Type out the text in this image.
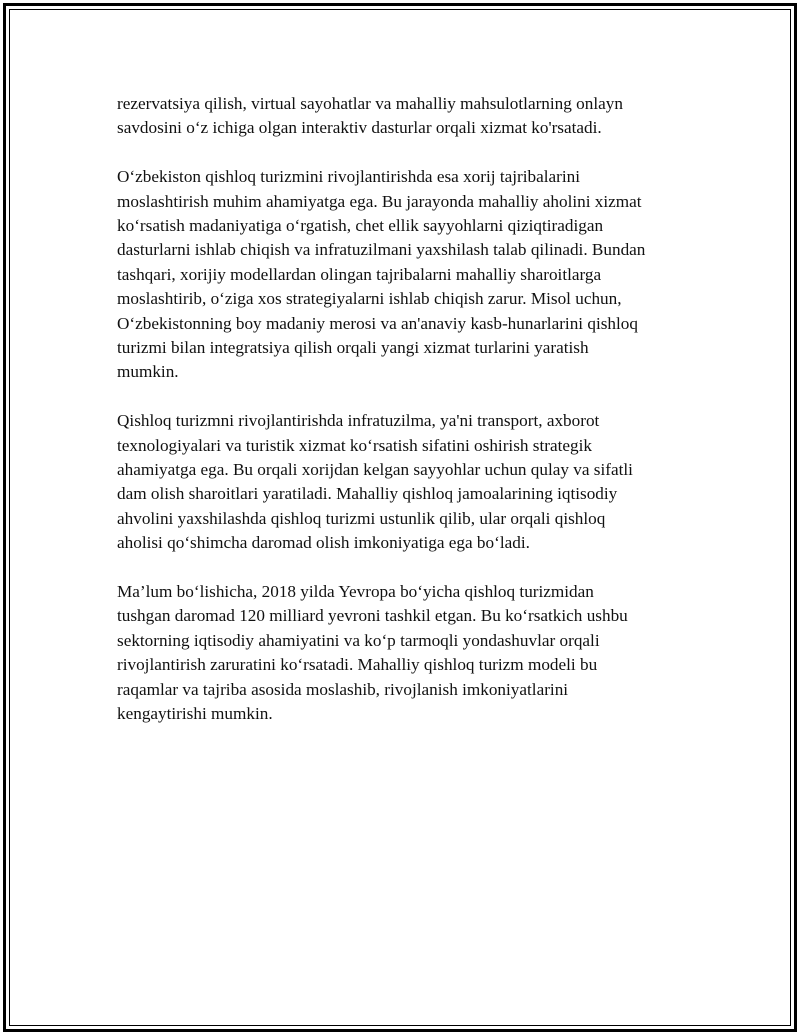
rezervatsiya qilish, virtual sayohatlar va mahalliy mahsulotlarning onlayn
savdosini o‘z ichiga olgan interaktiv dasturlar orqali xizmat ko'rsatadi.

O‘zbekiston qishloq turizmini rivojlantirishda esa xorij tajribalarini
moslashtirish muhim ahamiyatga ega. Bu jarayonda mahalliy aholini xizmat
ko‘rsatish madaniyatiga o‘rgatish, chet ellik sayyohlarni qiziqtiradigan
dasturlarni ishlab chiqish va infratuzilmani yaxshilash talab qilinadi. Bundan
tashqari, xorijiy modellardan olingan tajribalarni mahalliy sharoitlarga
moslashtirib, o‘ziga xos strategiyalarni ishlab chiqish zarur. Misol uchun,
O‘zbekistonning boy madaniy merosi va an'anaviy kasb-hunarlarini qishloq
turizmi bilan integratsiya qilish orqali yangi xizmat turlarini yaratish
mumkin.

Qishloq turizmni rivojlantirishda infratuzilma, ya'ni transport, axborot
texnologiyalari va turistik xizmat ko‘rsatish sifatini oshirish strategik
ahamiyatga ega. Bu orqali xorijdan kelgan sayyohlar uchun qulay va sifatli
dam olish sharoitlari yaratiladi. Mahalliy qishloq jamoalarining iqtisodiy
ahvolini yaxshilashda qishloq turizmi ustunlik qilib, ular orqali qishloq
aholisi qo‘shimcha daromad olish imkoniyatiga ega bo‘ladi.

Ma’lum bo‘lishicha, 2018 yilda Yevropa bo‘yicha qishloq turizmidan
tushgan daromad 120 milliard yevroni tashkil etgan. Bu ko‘rsatkich ushbu
sektorning iqtisodiy ahamiyatini va ko‘p tarmoqli yondashuvlar orqali
rivojlantirish zaruratini ko‘rsatadi. Mahalliy qishloq turizm modeli bu
raqamlar va tajriba asosida moslashib, rivojlanish imkoniyatlarini
kengaytirishi mumkin.
